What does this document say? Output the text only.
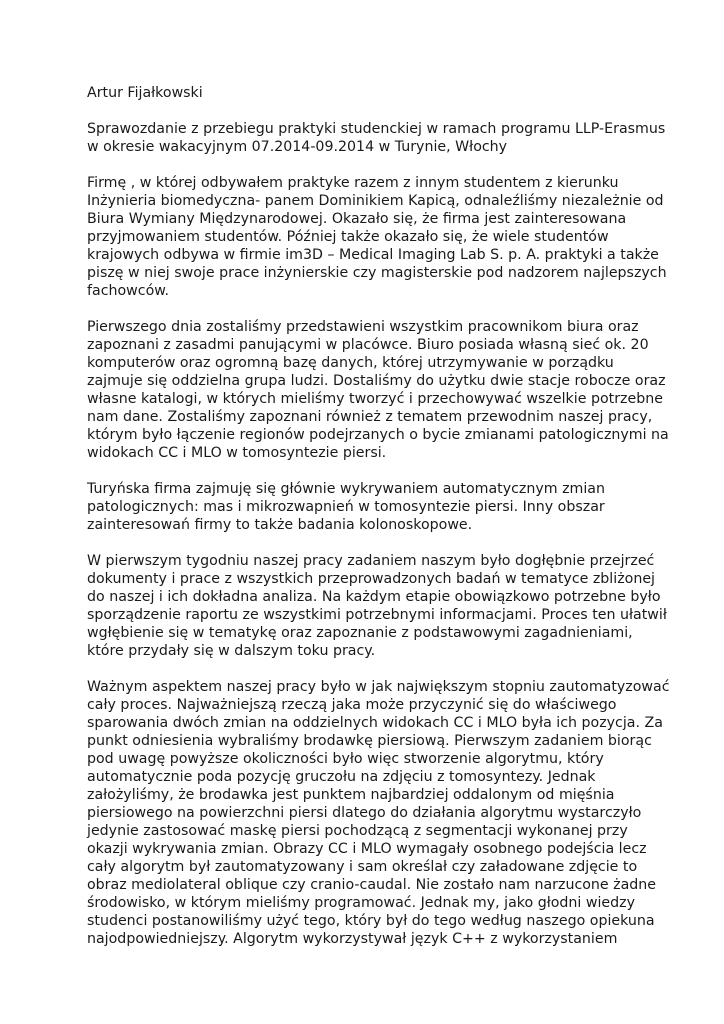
Artur Fijałkowski
Sprawozdanie z przebiegu praktyki studenckiej w ramach programu LLP-Erasmus
w okresie wakacyjnym 07.2014-09.2014 w Turynie, Włochy
Firmę , w której odbywałem praktyke razem z innym studentem z kierunku
Inżynieria biomedyczna- panem Dominikiem Kapicą, odnaleźliśmy niezależnie od
Biura Wymiany Międzynarodowej. Okazało się, że firma jest zainteresowana
przyjmowaniem studentów. Później także okazało się, że wiele studentów
krajowych odbywa w firmie im3D – Medical Imaging Lab S. p. A. praktyki a także
piszę w niej swoje prace inżynierskie czy magisterskie pod nadzorem najlepszych
fachowców.
Pierwszego dnia zostaliśmy przedstawieni wszystkim pracownikom biura oraz
zapoznani z zasadmi panującymi w placówce. Biuro posiada własną sieć ok. 20
komputerów oraz ogromną bazę danych, której utrzymywanie w porządku
zajmuje się oddzielna grupa ludzi. Dostaliśmy do użytku dwie stacje robocze oraz
własne katalogi, w których mieliśmy tworzyć i przechowywać wszelkie potrzebne
nam dane. Zostaliśmy zapoznani również z tematem przewodnim naszej pracy,
którym było łączenie regionów podejrzanych o bycie zmianami patologicznymi na
widokach CC i MLO w tomosyntezie piersi.
Turyńska firma zajmuję się głównie wykrywaniem automatycznym zmian
patologicznych: mas i mikrozwapnień w tomosyntezie piersi. Inny obszar
zainteresowań firmy to także badania kolonoskopowe.
W pierwszym tygodniu naszej pracy zadaniem naszym było dogłębnie przejrzeć
dokumenty i prace z wszystkich przeprowadzonych badań w tematyce zbliżonej
do naszej i ich dokładna analiza. Na każdym etapie obowiązkowo potrzebne było
sporządzenie raportu ze wszystkimi potrzebnymi informacjami. Proces ten ułatwił
wgłębienie się w tematykę oraz zapoznanie z podstawowymi zagadnieniami,
które przydały się w dalszym toku pracy.
Ważnym aspektem naszej pracy było w jak największym stopniu zautomatyzować
cały proces. Najważniejszą rzeczą jaka może przyczynić się do właściwego
sparowania dwóch zmian na oddzielnych widokach CC i MLO była ich pozycja. Za
punkt odniesienia wybraliśmy brodawkę piersiową. Pierwszym zadaniem biorąc
pod uwagę powyższe okoliczności było więc stworzenie algorytmu, który
automatycznie poda pozycję gruczołu na zdjęciu z tomosyntezy. Jednak
założyliśmy, że brodawka jest punktem najbardziej oddalonym od mięśnia
piersiowego na powierzchni piersi dlatego do działania algorytmu wystarczyło
jedynie zastosować maskę piersi pochodzącą z segmentacji wykonanej przy
okazji wykrywania zmian. Obrazy CC i MLO wymagały osobnego podejścia lecz
cały algorytm był zautomatyzowany i sam określał czy załadowane zdjęcie to
obraz mediolateral oblique czy cranio-caudal. Nie zostało nam narzucone żadne
środowisko, w którym mieliśmy programować. Jednak my, jako głodni wiedzy
studenci postanowiliśmy użyć tego, który był do tego według naszego opiekuna
najodpowiedniejszy. Algorytm wykorzystywał język C++ z wykorzystaniem
